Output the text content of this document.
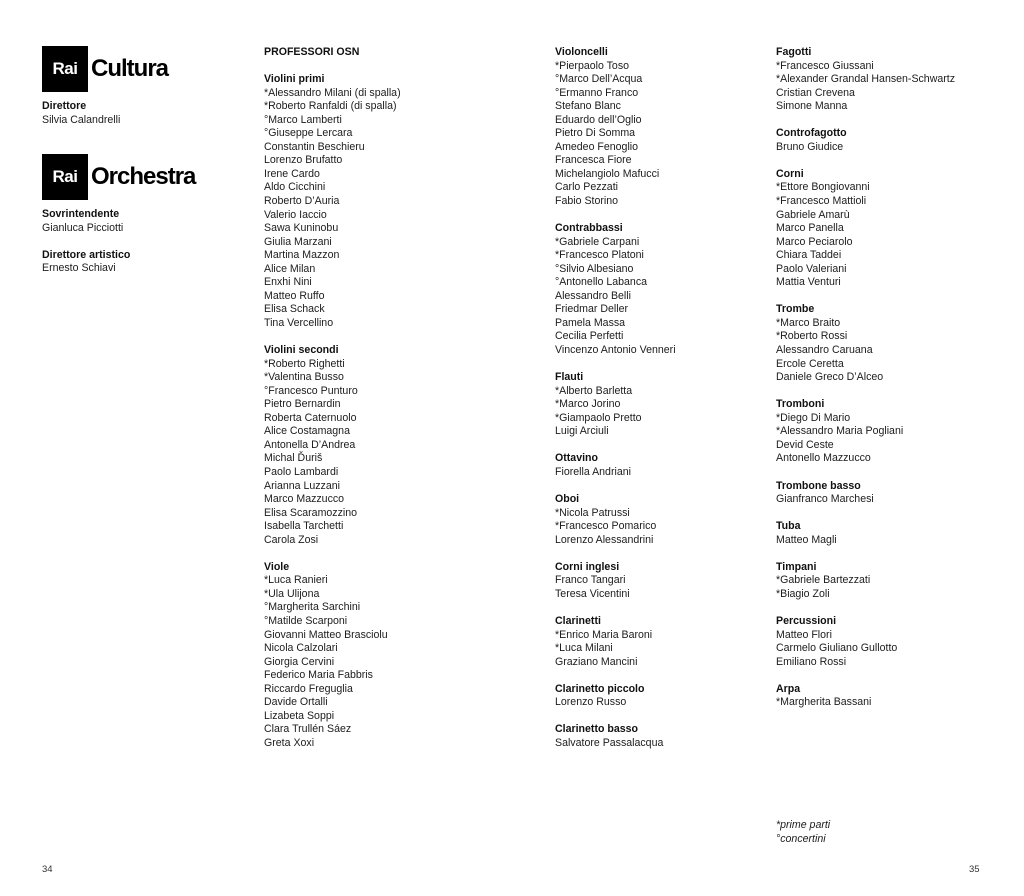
Rai Cultura
Direttore
Silvia Calandrelli
Rai Orchestra
Sovrintendente
Gianluca Picciotti
Direttore artistico
Ernesto Schiavi
PROFESSORI OSN
Violini primi
*Alessandro Milani (di spalla)
*Roberto Ranfaldi (di spalla)
°Marco Lamberti
°Giuseppe Lercara
Constantin Beschieru
Lorenzo Brufatto
Irene Cardo
Aldo Cicchini
Roberto D’Auria
Valerio Iaccio
Sawa Kuninobu
Giulia Marzani
Martina Mazzon
Alice Milan
Enxhi Nini
Matteo Ruffo
Elisa Schack
Tina Vercellino
Violini secondi
*Roberto Righetti
*Valentina Busso
°Francesco Punturo
Pietro Bernardin
Roberta Caternuolo
Alice Costamagna
Antonella D’Andrea
Michal Ďuriš
Paolo Lambardi
Arianna Luzzani
Marco Mazzucco
Elisa Scaramozzino
Isabella Tarchetti
Carola Zosi
Viole
*Luca Ranieri
*Ula Ulijona
°Margherita Sarchini
°Matilde Scarponi
Giovanni Matteo Brasciolu
Nicola Calzolari
Giorgia Cervini
Federico Maria Fabbris
Riccardo Freguglia
Davide Ortalli
Lizabeta Soppi
Clara Trullén Sáez
Greta Xoxi
Violoncelli
*Pierpaolo Toso
°Marco Dell’Acqua
°Ermanno Franco
Stefano Blanc
Eduardo dell’Oglio
Pietro Di Somma
Amedeo Fenoglio
Francesca Fiore
Michelangiolo Mafucci
Carlo Pezzati
Fabio Storino
Contrabbassi
*Gabriele Carpani
*Francesco Platoni
°Silvio Albesiano
°Antonello Labanca
Alessandro Belli
Friedmar Deller
Pamela Massa
Cecilia Perfetti
Vincenzo Antonio Venneri
Flauti
*Alberto Barletta
*Marco Jorino
*Giampaolo Pretto
Luigi Arciuli
Ottavino
Fiorella Andriani
Oboi
*Nicola Patrussi
*Francesco Pomarico
Lorenzo Alessandrini
Corni inglesi
Franco Tangari
Teresa Vicentini
Clarinetti
*Enrico Maria Baroni
*Luca Milani
Graziano Mancini
Clarinetto piccolo
Lorenzo Russo
Clarinetto basso
Salvatore Passalacqua
Fagotti
*Francesco Giussani
*Alexander Grandal Hansen-Schwartz
Cristian Crevena
Simone Manna
Controfagotto
Bruno Giudice
Corni
*Ettore Bongiovanni
*Francesco Mattioli
Gabriele Amarù
Marco Panella
Marco Peciarolo
Chiara Taddei
Paolo Valeriani
Mattia Venturi
Trombe
*Marco Braito
*Roberto Rossi
Alessandro Caruana
Ercole Ceretta
Daniele Greco D’Alceo
Tromboni
*Diego Di Mario
*Alessandro Maria Pogliani
Devid Ceste
Antonello Mazzucco
Trombone basso
Gianfranco Marchesi
Tuba
Matteo Magli
Timpani
*Gabriele Bartezzati
*Biagio Zoli
Percussioni
Matteo Flori
Carmelo Giuliano Gullotto
Emiliano Rossi
Arpa
*Margherita Bassani
*prime parti
°concertini
34	35
